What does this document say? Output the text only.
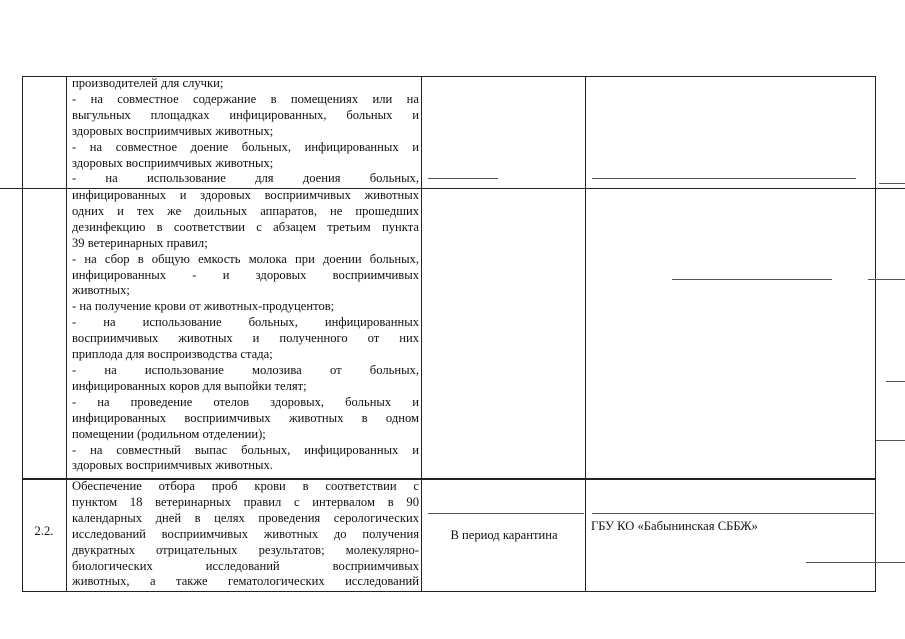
производителей для случки;

- на совместное содержание в помещениях или на

выгульных площадках инфицированных, больных и

здоровых восприимчивых животных;

- на совместное доение больных, инфицированных и

здоровых восприимчивых животных;

- на использование для доения больных,

инфицированных и здоровых восприимчивых животных

одних и тех же доильных аппаратов, не прошедших

дезинфекцию в соответствии с абзацем третьим пункта

39 ветеринарных правил;

- на сбор в общую емкость молока при доении больных,

инфицированных - и здоровых восприимчивых

животных;

- на получение крови от животных-продуцентов;

- на использование больных, инфицированных

восприимчивых животных и полученного от них

приплода для воспроизводства стада;

- на использование молозива от больных,

инфицированных коров для выпойки телят;

- на проведение отелов здоровых, больных и

инфицированных восприимчивых животных в одном

помещении (родильном отделении);

- на совместный выпас больных, инфицированных и

здоровых восприимчивых животных.

2.2.

Обеспечение отбора проб крови в соответствии с

пунктом 18 ветеринарных правил с интервалом в 90

календарных дней в целях проведения серологических

исследований восприимчивых животных до получения

двукратных отрицательных результатов; молекулярно-

биологических исследований восприимчивых

животных, а также гематологических исследований

В период карантина
ГБУ КО «Бабынинская СББЖ»
